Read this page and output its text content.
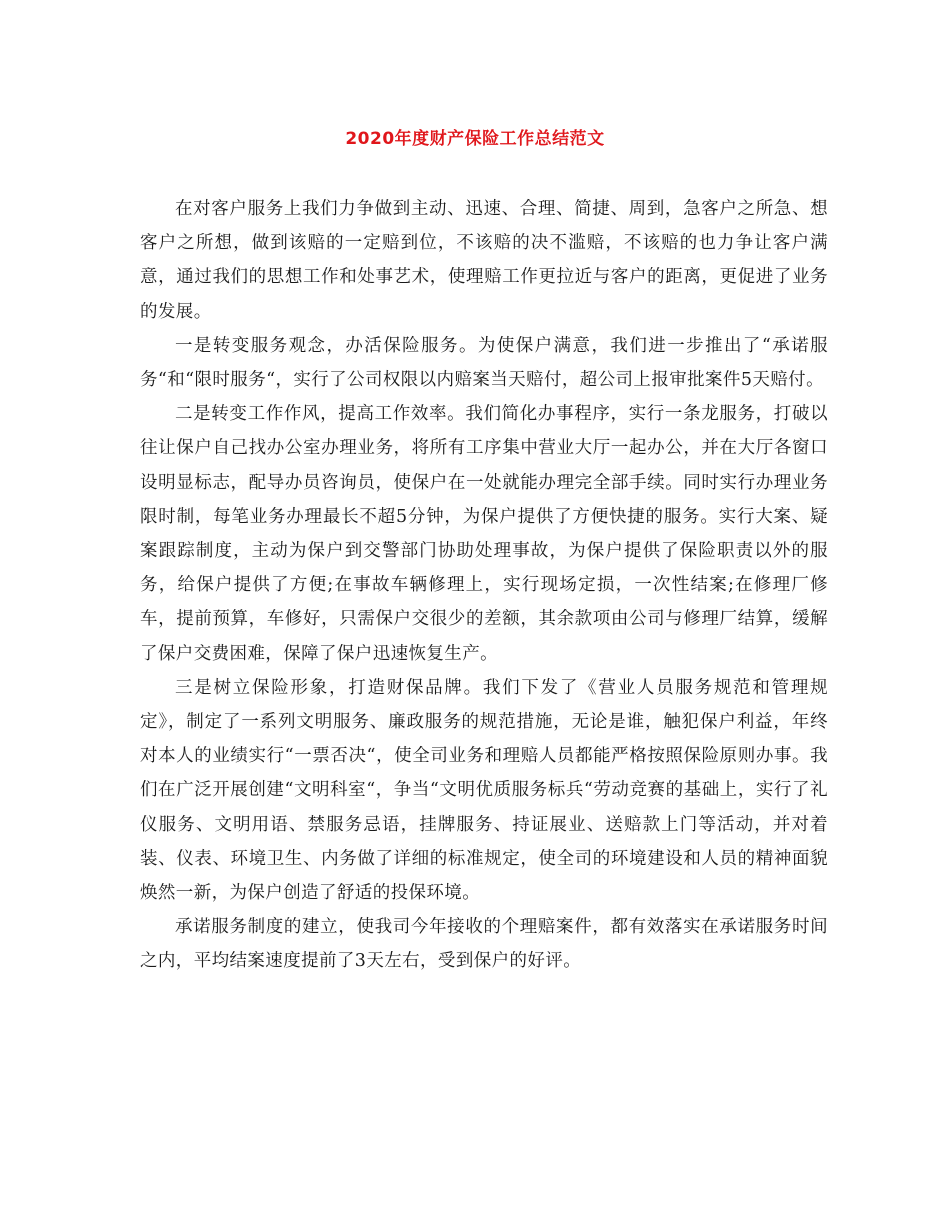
2020年度财产保险工作总结范文

在对客户服务上我们力争做到主动、迅速、合理、简捷、周到，急客户之所急、想客户之所想，做到该赔的一定赔到位，不该赔的决不滥赔，不该赔的也力争让客户满意，通过我们的思想工作和处事艺术，使理赔工作更拉近与客户的距离，更促进了业务的发展。

一是转变服务观念，办活保险服务。为使保户满意，我们进一步推出了“承诺服务“和“限时服务“，实行了公司权限以内赔案当天赔付，超公司上报审批案件5天赔付。

二是转变工作作风，提高工作效率。我们简化办事程序，实行一条龙服务，打破以往让保户自己找办公室办理业务，将所有工序集中营业大厅一起办公，并在大厅各窗口设明显标志，配导办员咨询员，使保户在一处就能办理完全部手续。同时实行办理业务限时制，每笔业务办理最长不超5分钟，为保户提供了方便快捷的服务。实行大案、疑案跟踪制度，主动为保户到交警部门协助处理事故，为保户提供了保险职责以外的服务，给保户提供了方便;在事故车辆修理上，实行现场定损，一次性结案;在修理厂修车，提前预算，车修好，只需保户交很少的差额，其余款项由公司与修理厂结算，缓解了保户交费困难，保障了保户迅速恢复生产。

三是树立保险形象，打造财保品牌。我们下发了《营业人员服务规范和管理规定》，制定了一系列文明服务、廉政服务的规范措施，无论是谁，触犯保户利益，年终对本人的业绩实行“一票否决“，使全司业务和理赔人员都能严格按照保险原则办事。我们在广泛开展创建“文明科室“，争当“文明优质服务标兵“劳动竞赛的基础上，实行了礼仪服务、文明用语、禁服务忌语，挂牌服务、持证展业、送赔款上门等活动，并对着装、仪表、环境卫生、内务做了详细的标准规定，使全司的环境建设和人员的精神面貌焕然一新，为保户创造了舒适的投保环境。

承诺服务制度的建立，使我司今年接收的个理赔案件，都有效落实在承诺服务时间之内，平均结案速度提前了3天左右，受到保户的好评。
